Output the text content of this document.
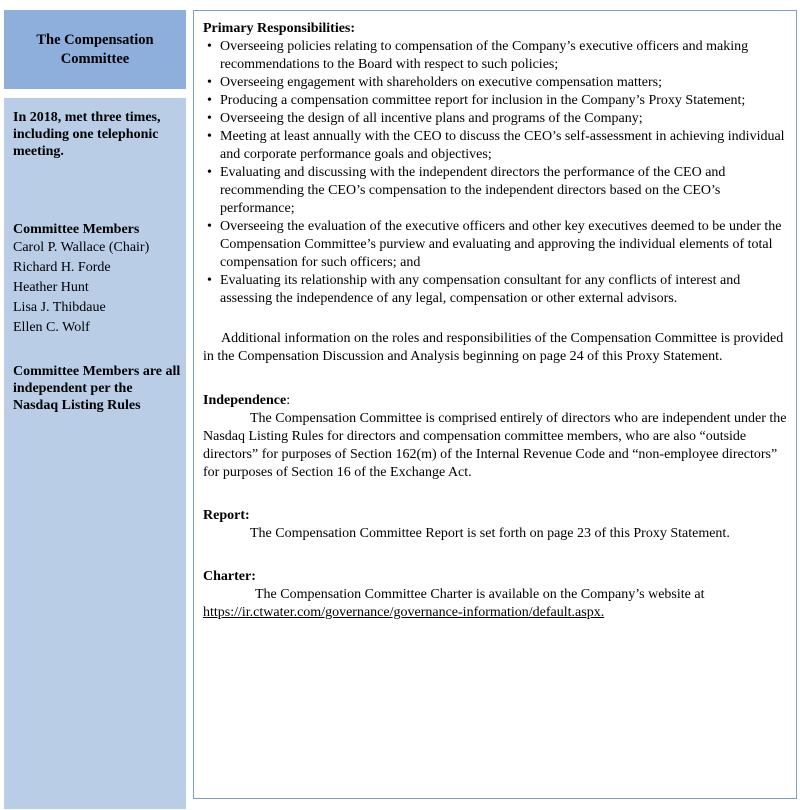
The Compensation Committee
In 2018, met three times, including one telephonic meeting.
Committee Members
Carol P. Wallace (Chair)
Richard H. Forde
Heather Hunt
Lisa J. Thibdaue
Ellen C. Wolf
Committee Members are all independent per the Nasdaq Listing Rules
Primary Responsibilities:
• Overseeing policies relating to compensation of the Company’s executive officers and making recommendations to the Board with respect to such policies;
• Overseeing engagement with shareholders on executive compensation matters;
• Producing a compensation committee report for inclusion in the Company’s Proxy Statement;
• Overseeing the design of all incentive plans and programs of the Company;
• Meeting at least annually with the CEO to discuss the CEO’s self-assessment in achieving individual and corporate performance goals and objectives;
• Evaluating and discussing with the independent directors the performance of the CEO and recommending the CEO’s compensation to the independent directors based on the CEO’s performance;
• Overseeing the evaluation of the executive officers and other key executives deemed to be under the Compensation Committee’s purview and evaluating and approving the individual elements of total compensation for such officers; and
• Evaluating its relationship with any compensation consultant for any conflicts of interest and assessing the independence of any legal, compensation or other external advisors.
Additional information on the roles and responsibilities of the Compensation Committee is provided in the Compensation Discussion and Analysis beginning on page 24 of this Proxy Statement.
Independence:
The Compensation Committee is comprised entirely of directors who are independent under the Nasdaq Listing Rules for directors and compensation committee members, who are also “outside directors” for purposes of Section 162(m) of the Internal Revenue Code and “non-employee directors” for purposes of Section 16 of the Exchange Act.
Report:
The Compensation Committee Report is set forth on page 23 of this Proxy Statement.
Charter:
The Compensation Committee Charter is available on the Company’s website at
https://ir.ctwater.com/governance/governance-information/default.aspx.
